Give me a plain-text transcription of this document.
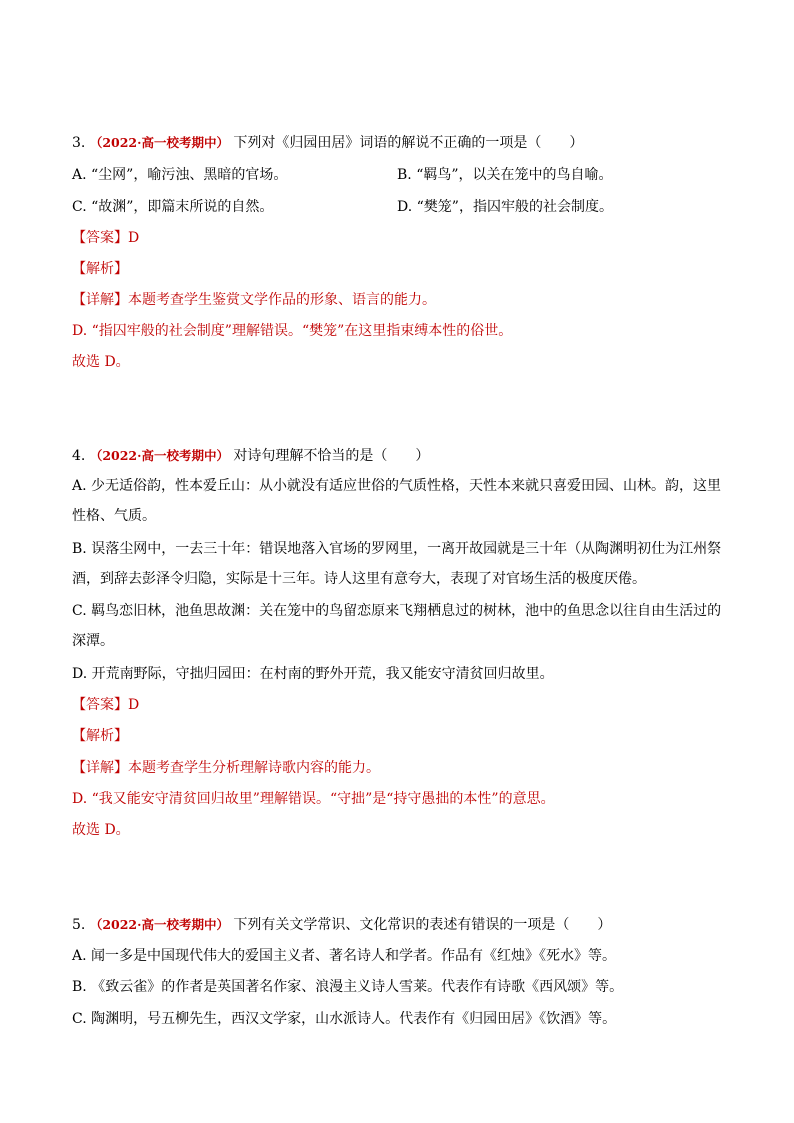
3. （2022·高一校考期中） 下列对《归园田居》词语的解说不正确的一项是（　　）
A. “尘网”，喻污浊、黑暗的官场。	B. “羁鸟”，以关在笼中的鸟自喻。
C. “故渊”，即篇末所说的自然。	D. “樊笼”，指囚牢般的社会制度。
【答案】D
【解析】
【详解】本题考查学生鉴赏文学作品的形象、语言的能力。
D. “指囚牢般的社会制度”理解错误。“樊笼”在这里指束缚本性的俗世。
故选 D。
4. （2022·高一校考期中） 对诗句理解不恰当的是（　　）
A. 少无适俗韵，性本爱丘山：从小就没有适应世俗的气质性格，天性本来就只喜爱田园、山林。韵，这里性格、气质。
B. 误落尘网中，一去三十年：错误地落入官场的罗网里，一离开故园就是三十年（从陶渊明初仕为江州祭酒，到辞去彭泽令归隐，实际是十三年。诗人这里有意夸大，表现了对官场生活的极度厌倦。
C. 羁鸟恋旧林，池鱼思故渊：关在笼中的鸟留恋原来飞翔栖息过的树林，池中的鱼思念以往自由生活过的深潭。
D. 开荒南野际，守拙归园田：在村南的野外开荒，我又能安守清贫回归故里。
【答案】D
【解析】
【详解】本题考查学生分析理解诗歌内容的能力。
D. “我又能安守清贫回归故里”理解错误。“守拙”是“持守愚拙的本性”的意思。
故选 D。
5. （2022·高一校考期中） 下列有关文学常识、文化常识的表述有错误的一项是（　　）
A. 闻一多是中国现代伟大的爱国主义者、著名诗人和学者。作品有《红烛》《死水》等。
B. 《致云雀》的作者是英国著名作家、浪漫主义诗人雪莱。代表作有诗歌《西风颂》等。
C. 陶渊明，号五柳先生，西汉文学家，山水派诗人。代表作有《归园田居》《饮酒》等。
